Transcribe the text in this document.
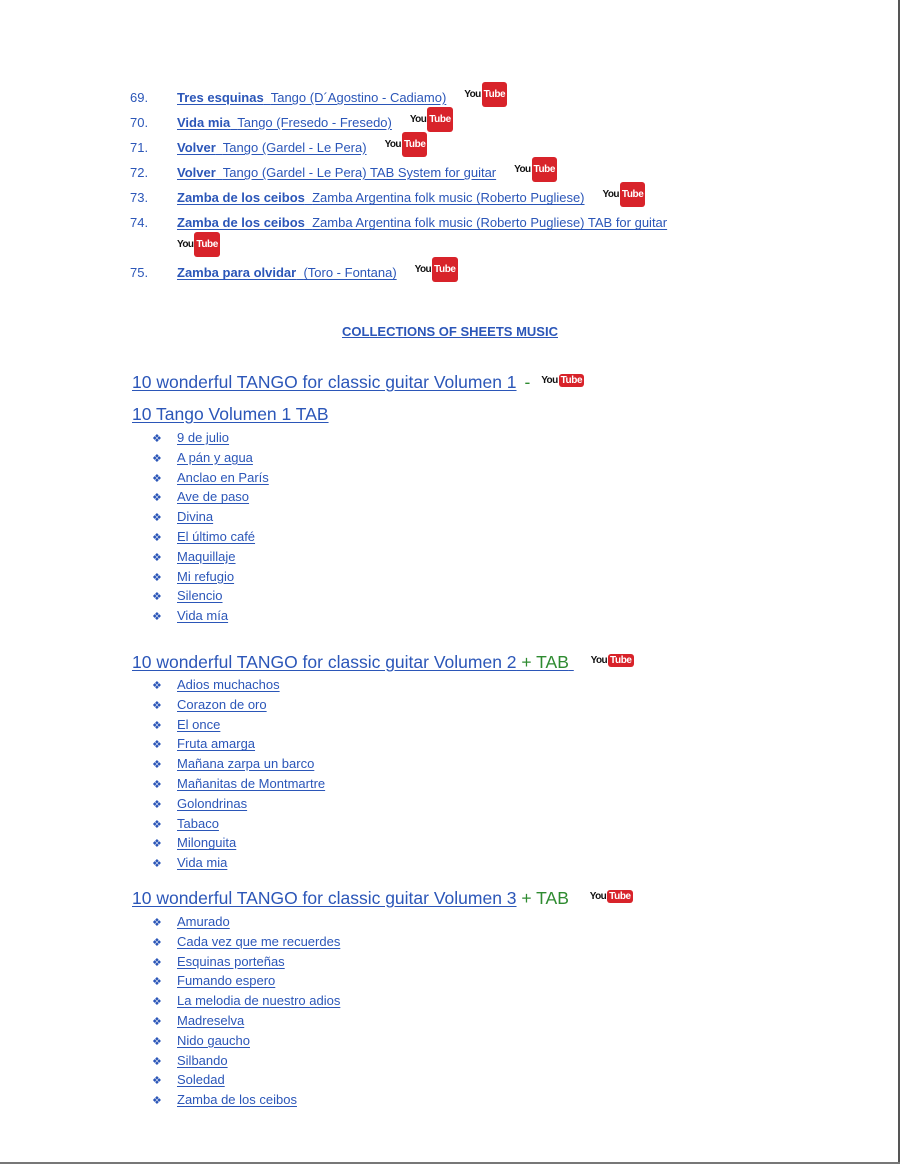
69. Tres esquinas Tango (D´Agostino - Cadiamo) You Tube
70. Vida mia Tango (Fresedo - Fresedo) You Tube
71. Volver Tango (Gardel - Le Pera) You Tube
72. Volver Tango (Gardel - Le Pera) TAB System for guitar You Tube
73. Zamba de los ceibos Zamba Argentina folk music (Roberto Pugliese) You Tube
74. Zamba de los ceibos Zamba Argentina folk music (Roberto Pugliese) TAB for guitar
You Tube
75. Zamba para olvidar (Toro - Fontana) You Tube
COLLECTIONS OF SHEETS MUSIC
10 wonderful TANGO for classic guitar Volumen 1 - You Tube
10 Tango Volumen 1 TAB
❖ 9 de julio
❖ A pán y agua
❖ Anclao en París
❖ Ave de paso
❖ Divina
❖ El último café
❖ Maquillaje
❖ Mi refugio
❖ Silencio
❖ Vida mía
10 wonderful TANGO for classic guitar Volumen 2 + TAB You Tube
❖ Adios muchachos
❖ Corazon de oro
❖ El once
❖ Fruta amarga
❖ Mañana zarpa un barco
❖ Mañanitas de Montmartre
❖ Golondrinas
❖ Tabaco
❖ Milonguita
❖ Vida mia
10 wonderful TANGO for classic guitar Volumen 3 + TAB You Tube
❖ Amurado
❖ Cada vez que me recuerdes
❖ Esquinas porteñas
❖ Fumando espero
❖ La melodia de nuestro adios
❖ Madreselva
❖ Nido gaucho
❖ Silbando
❖ Soledad
❖ Zamba de los ceibos
